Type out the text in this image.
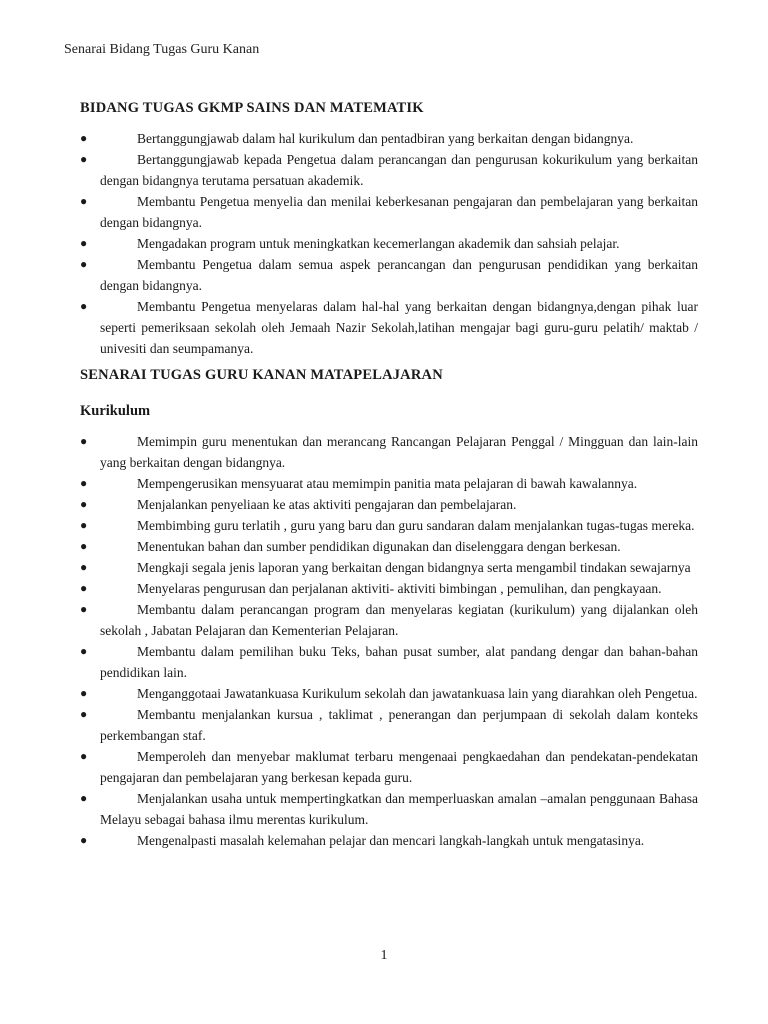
Senarai Bidang Tugas Guru Kanan
BIDANG TUGAS GKMP SAINS DAN MATEMATIK
●	Bertanggungjawab dalam hal kurikulum dan pentadbiran yang berkaitan dengan bidangnya.
●	Bertanggungjawab kepada Pengetua dalam perancangan dan pengurusan kokurikulum yang berkaitan dengan bidangnya terutama persatuan akademik.
●	Membantu Pengetua menyelia dan menilai keberkesanan pengajaran dan pembelajaran yang berkaitan dengan bidangnya.
●	Mengadakan program untuk meningkatkan kecemerlangan akademik dan sahsiah pelajar.
●	Membantu Pengetua dalam semua aspek perancangan dan pengurusan pendidikan yang berkaitan dengan bidangnya.
●	Membantu Pengetua menyelaras dalam hal-hal yang berkaitan dengan bidangnya,dengan pihak luar seperti pemeriksaan sekolah oleh Jemaah Nazir Sekolah,latihan mengajar bagi guru-guru pelatih/ maktab / univesiti dan seumpamanya.
SENARAI TUGAS GURU KANAN MATAPELAJARAN
Kurikulum
●	Memimpin guru menentukan dan merancang Rancangan Pelajaran Penggal / Mingguan dan lain-lain yang berkaitan dengan bidangnya.
●	Mempengerusikan mensyuarat atau memimpin panitia mata pelajaran di bawah kawalannya.
●	Menjalankan penyeliaan ke atas aktiviti pengajaran dan pembelajaran.
●	Membimbing guru terlatih , guru yang baru dan guru sandaran dalam menjalankan tugas-tugas mereka.
●	Menentukan bahan dan sumber pendidikan digunakan dan diselenggara dengan berkesan.
●	Mengkaji segala jenis laporan yang berkaitan dengan bidangnya serta mengambil tindakan sewajarnya
●	Menyelaras pengurusan dan perjalanan aktiviti- aktiviti bimbingan , pemulihan, dan pengkayaan.
●	Membantu dalam perancangan program dan menyelaras kegiatan (kurikulum) yang dijalankan oleh sekolah , Jabatan Pelajaran dan Kementerian Pelajaran.
●	Membantu dalam pemilihan buku Teks, bahan pusat sumber, alat pandang dengar dan bahan-bahan pendidikan lain.
●	Menganggotaai Jawatankuasa Kurikulum sekolah dan jawatankuasa lain yang diarahkan oleh Pengetua.
●	Membantu menjalankan kursua , taklimat , penerangan dan perjumpaan di sekolah dalam konteks perkembangan staf.
●	Memperoleh dan menyebar maklumat terbaru mengenaai pengkaedahan dan pendekatan-pendekatan pengajaran dan pembelajaran yang berkesan kepada guru.
●	Menjalankan usaha untuk mempertingkatkan dan memperluaskan amalan –amalan penggunaan Bahasa Melayu sebagai bahasa ilmu merentas kurikulum.
●	Mengenalpasti masalah kelemahan pelajar dan mencari langkah-langkah untuk mengatasinya.
1
